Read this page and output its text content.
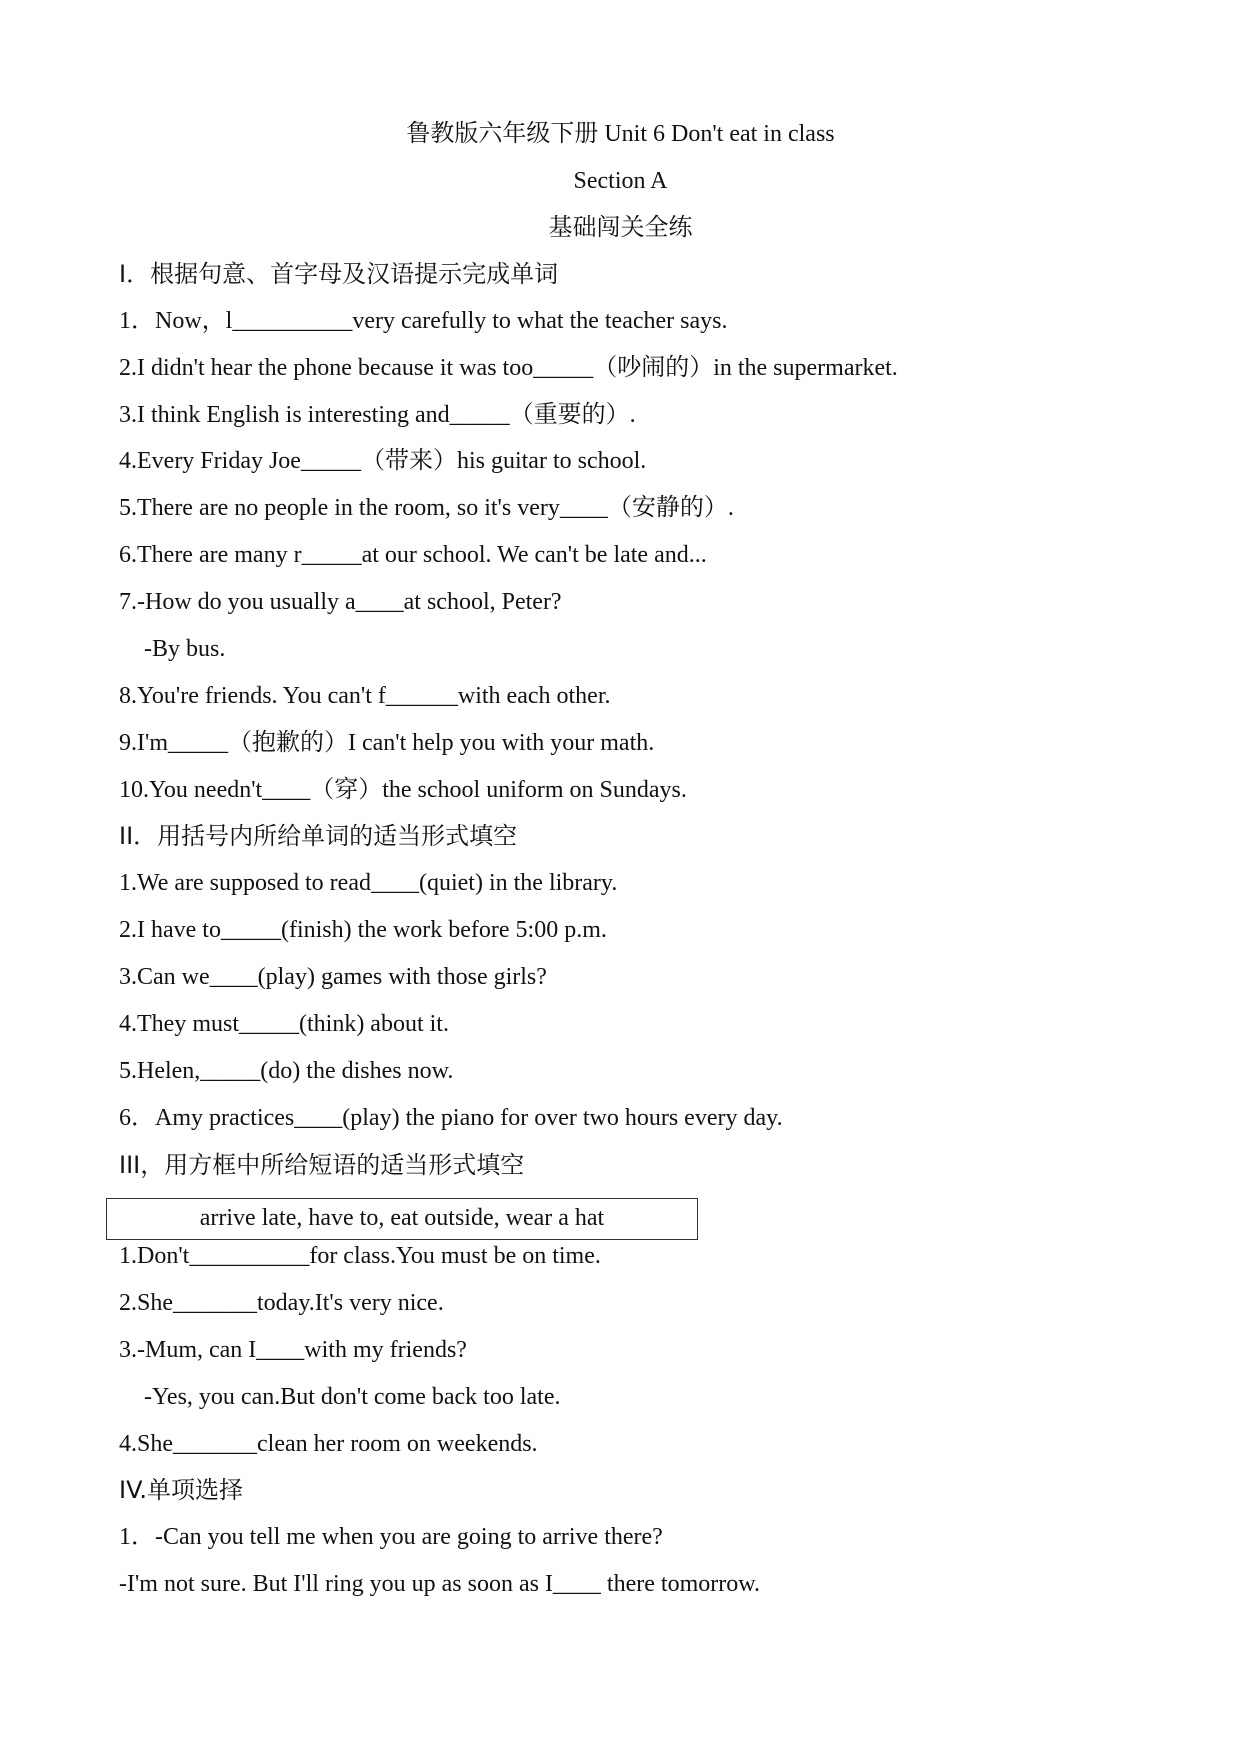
鲁教版六年级下册 Unit 6 Don't eat in class
Section A
基础闯关全练
I．根据句意、首字母及汉语提示完成单词
1．Now，l__________very carefully to what the teacher says.
2.I didn't hear the phone because it was too_____（吵闹的）in the supermarket.
3.I think English is interesting and_____（重要的）.
4.Every Friday Joe_____（带来）his guitar to school.
5.There are no people in the room, so it's very____（安静的）.
6.There are many r_____at our school. We can't be late and...
7.-How do you usually a____at school, Peter?
-By bus.
8.You're friends. You can't f______with each other.
9.I'm_____（抱歉的）I can't help you with your math.
10.You needn't____（穿）the school uniform on Sundays.
II．用括号内所给单词的适当形式填空
1.We are supposed to read____(quiet) in the library.
2.I have to_____(finish) the work before 5:00 p.m.
3.Can we____(play) games with those girls?
4.They must_____(think) about it.
5.Helen,_____(do) the dishes now.
6．Amy practices____(play) the piano for over two hours every day.
III，用方框中所给短语的适当形式填空
arrive late, have to, eat outside, wear a hat
1.Don't__________for class.You must be on time.
2.She_______today.It's very nice.
3.-Mum, can I____with my friends?
-Yes, you can.But don't come back too late.
4.She_______clean her room on weekends.
IV.单项选择
1．-Can you tell me when you are going to arrive there?
-I'm not sure. But I'll ring you up as soon as I____ there tomorrow.
